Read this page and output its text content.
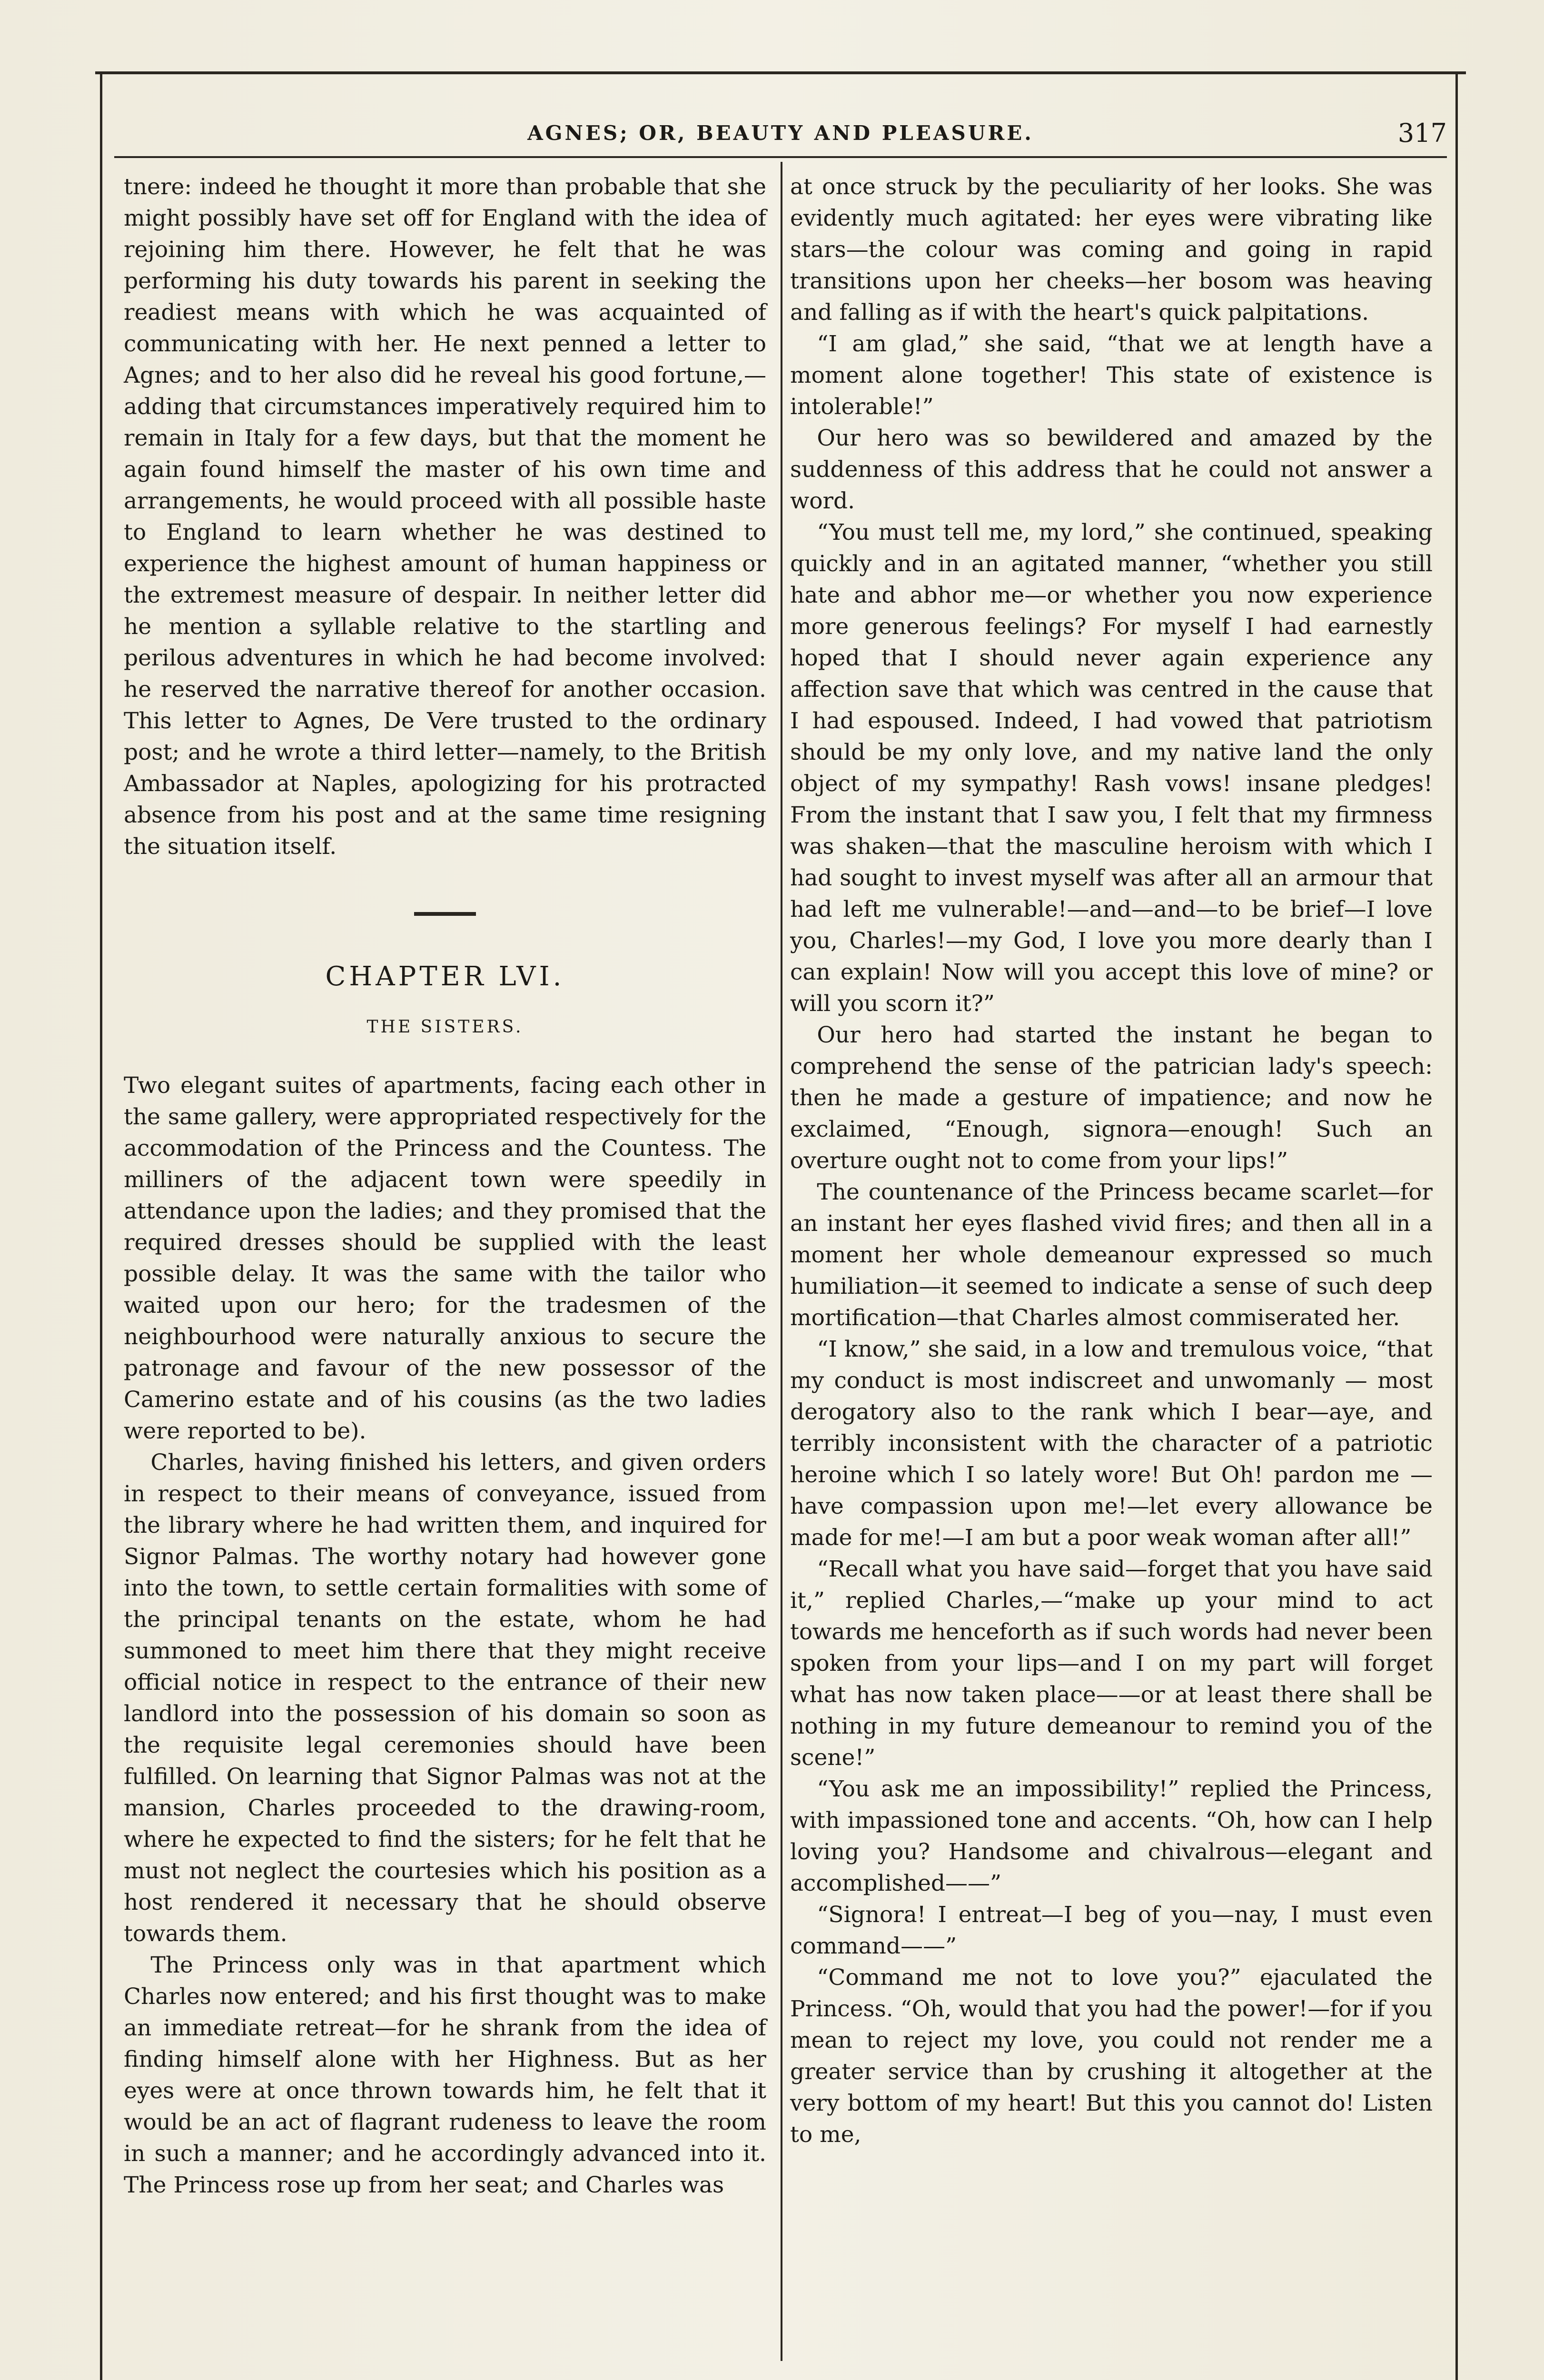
AGNES; OR, BEAUTY AND PLEASURE.	317

tnere: indeed he thought it more than probable that she might possibly have set off for England with the idea of rejoining him there. However, he felt that he was performing his duty towards his parent in seeking the readiest means with which he was acquainted of communicating with her. He next penned a letter to Agnes; and to her also did he reveal his good fortune,—adding that circumstances imperatively required him to remain in Italy for a few days, but that the moment he again found himself the master of his own time and arrangements, he would proceed with all possible haste to England to learn whether he was destined to experience the highest amount of human happiness or the extremest measure of despair. In neither letter did he mention a syllable relative to the startling and perilous adventures in which he had become involved: he reserved the narrative thereof for another occasion. This letter to Agnes, De Vere trusted to the ordinary post; and he wrote a third letter—namely, to the British Ambassador at Naples, apologizing for his protracted absence from his post and at the same time resigning the situation itself.

CHAPTER LVI.
THE SISTERS.

Two elegant suites of apartments, facing each other in the same gallery, were appropriated respectively for the accommodation of the Princess and the Countess. The milliners of the adjacent town were speedily in attendance upon the ladies; and they promised that the required dresses should be supplied with the least possible delay. It was the same with the tailor who waited upon our hero; for the tradesmen of the neighbourhood were naturally anxious to secure the patronage and favour of the new possessor of the Camerino estate and of his cousins (as the two ladies were reported to be).

Charles, having finished his letters, and given orders in respect to their means of conveyance, issued from the library where he had written them, and inquired for Signor Palmas. The worthy notary had however gone into the town, to settle certain formalities with some of the principal tenants on the estate, whom he had summoned to meet him there that they might receive official notice in respect to the entrance of their new landlord into the possession of his domain so soon as the requisite legal ceremonies should have been fulfilled. On learning that Signor Palmas was not at the mansion, Charles proceeded to the drawing-room, where he expected to find the sisters; for he felt that he must not neglect the courtesies which his position as a host rendered it necessary that he should observe towards them.

The Princess only was in that apartment which Charles now entered; and his first thought was to make an immediate retreat—for he shrank from the idea of finding himself alone with her Highness. But as her eyes were at once thrown towards him, he felt that it would be an act of flagrant rudeness to leave the room in such a manner; and he accordingly advanced into it. The Princess rose up from her seat; and Charles was

at once struck by the peculiarity of her looks. She was evidently much agitated: her eyes were vibrating like stars—the colour was coming and going in rapid transitions upon her cheeks—her bosom was heaving and falling as if with the heart's quick palpitations.

“I am glad,” she said, “that we at length have a moment alone together! This state of existence is intolerable!”

Our hero was so bewildered and amazed by the suddenness of this address that he could not answer a word.

“You must tell me, my lord,” she continued, speaking quickly and in an agitated manner, “whether you still hate and abhor me—or whether you now experience more generous feelings? For myself I had earnestly hoped that I should never again experience any affection save that which was centred in the cause that I had espoused. Indeed, I had vowed that patriotism should be my only love, and my native land the only object of my sympathy! Rash vows! insane pledges! From the instant that I saw you, I felt that my firmness was shaken—that the masculine heroism with which I had sought to invest myself was after all an armour that had left me vulnerable!—and—and—to be brief—I love you, Charles!—my God, I love you more dearly than I can explain! Now will you accept this love of mine? or will you scorn it?”

Our hero had started the instant he began to comprehend the sense of the patrician lady's speech: then he made a gesture of impatience; and now he exclaimed, “Enough, signora—enough! Such an overture ought not to come from your lips!”

The countenance of the Princess became scarlet—for an instant her eyes flashed vivid fires; and then all in a moment her whole demeanour expressed so much humiliation—it seemed to indicate a sense of such deep mortification—that Charles almost commiserated her.

“I know,” she said, in a low and tremulous voice, “that my conduct is most indiscreet and unwomanly — most derogatory also to the rank which I bear—aye, and terribly inconsistent with the character of a patriotic heroine which I so lately wore! But Oh! pardon me — have compassion upon me!—let every allowance be made for me!—I am but a poor weak woman after all!”

“Recall what you have said—forget that you have said it,” replied Charles,—“make up your mind to act towards me henceforth as if such words had never been spoken from your lips—and I on my part will forget what has now taken place——or at least there shall be nothing in my future demeanour to remind you of the scene!”

“You ask me an impossibility!” replied the Princess, with impassioned tone and accents. “Oh, how can I help loving you? Handsome and chivalrous—elegant and accomplished——”

“Signora! I entreat—I beg of you—nay, I must even command——”

“Command me not to love you?” ejaculated the Princess. “Oh, would that you had the power!—for if you mean to reject my love, you could not render me a greater service than by crushing it altogether at the very bottom of my heart! But this you cannot do! Listen to me,
